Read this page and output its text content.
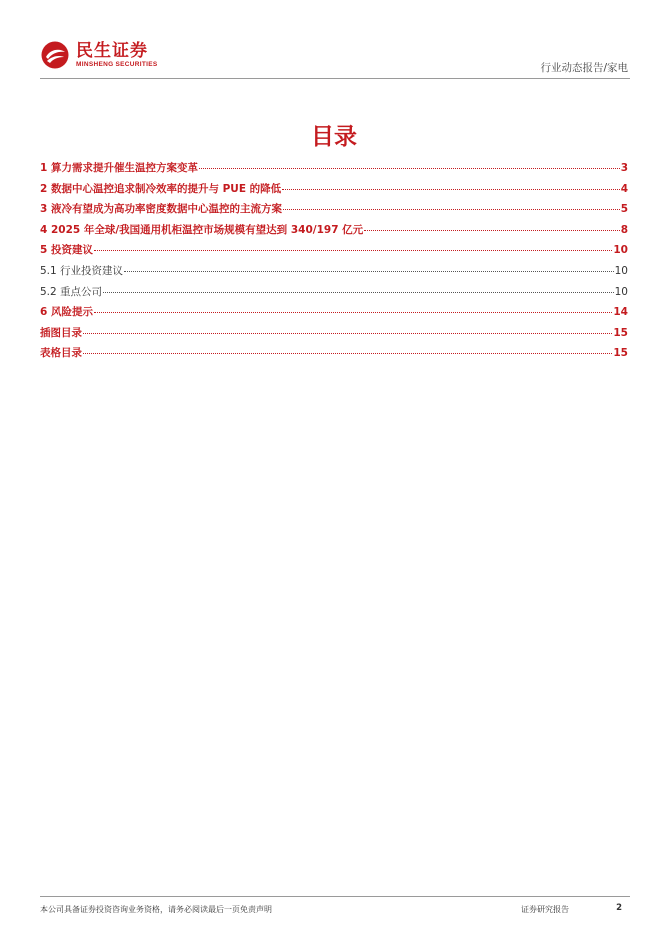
民生证券
MINSHENG SECURITIES	行业动态报告/家电
目录
1 算力需求提升催生温控方案变革	3
2 数据中心温控追求制冷效率的提升与 PUE 的降低	4
3 液冷有望成为高功率密度数据中心温控的主流方案	5
4 2025 年全球/我国通用机柜温控市场规模有望达到 340/197 亿元	8
5 投资建议	10
5.1 行业投资建议	10
5.2 重点公司	10
6 风险提示	14
插图目录	15
表格目录	15
本公司具备证券投资咨询业务资格，请务必阅读最后一页免责声明	证券研究报告	2
